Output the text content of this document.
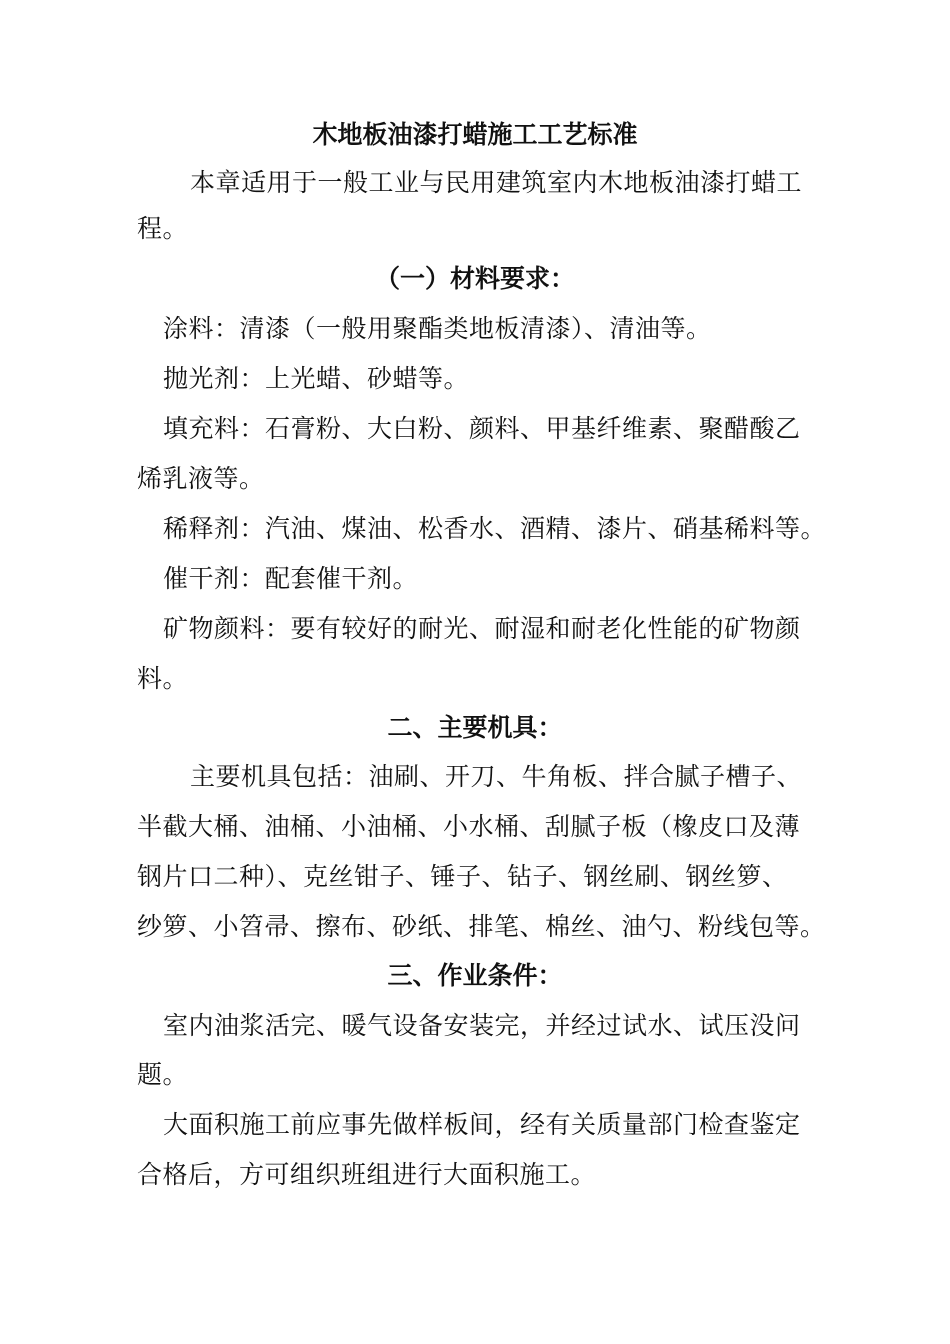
木地板油漆打蜡施工工艺标准
本章适用于一般工业与民用建筑室内木地板油漆打蜡工
程。
（一）材料要求：
涂料：清漆（一般用聚酯类地板清漆）、清油等。
抛光剂：上光蜡、砂蜡等。
填充料：石膏粉、大白粉、颜料、甲基纤维素、聚醋酸乙
烯乳液等。
稀释剂：汽油、煤油、松香水、酒精、漆片、硝基稀料等。
催干剂：配套催干剂。
矿物颜料：要有较好的耐光、耐湿和耐老化性能的矿物颜
料。
二、主要机具：
主要机具包括：油刷、开刀、牛角板、拌合腻子槽子、
半截大桶、油桶、小油桶、小水桶、刮腻子板（橡皮口及薄
钢片口二种）、克丝钳子、锤子、钻子、钢丝刷、钢丝箩、
纱箩、小笤帚、擦布、砂纸、排笔、棉丝、油勺、粉线包等。
三、作业条件：
室内油浆活完、暖气设备安装完，并经过试水、试压没问
题。
大面积施工前应事先做样板间，经有关质量部门检查鉴定
合格后，方可组织班组进行大面积施工。
